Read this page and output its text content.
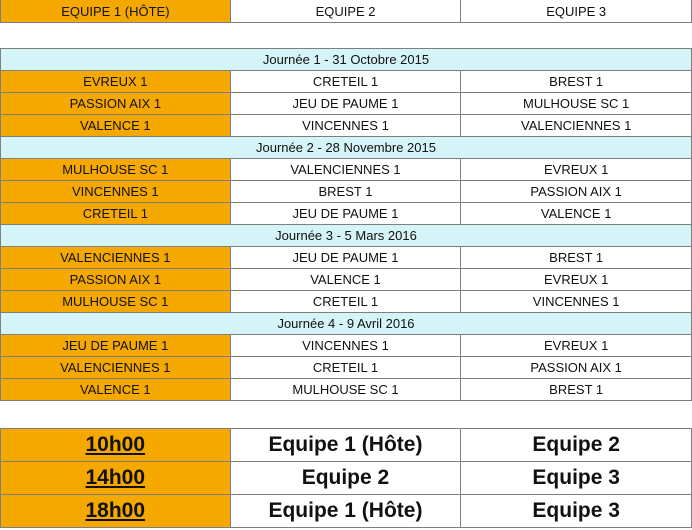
EQUIPE 1 (HÔTE)	EQUIPE 2	EQUIPE 3
Journée 1 - 31 Octobre 2015		
EVREUX 1	CRETEIL 1	BREST 1
PASSION AIX 1	JEU DE PAUME 1	MULHOUSE SC 1
VALENCE 1	VINCENNES 1	VALENCIENNES 1
Journée 2 - 28 Novembre 2015		
MULHOUSE SC 1	VALENCIENNES 1	EVREUX 1
VINCENNES 1	BREST 1	PASSION AIX 1
CRETEIL 1	JEU DE PAUME 1	VALENCE 1
Journée 3 - 5 Mars 2016		
VALENCIENNES 1	JEU DE PAUME 1	BREST 1
PASSION AIX 1	VALENCE 1	EVREUX 1
MULHOUSE SC 1	CRETEIL 1	VINCENNES 1
Journée 4 - 9 Avril 2016		
JEU DE PAUME 1	VINCENNES 1	EVREUX 1
VALENCIENNES 1	CRETEIL 1	PASSION AIX 1
VALENCE 1	MULHOUSE SC 1	BREST 1
10h00	Equipe 1 (Hôte)	Equipe 2
14h00	Equipe 2	Equipe 3
18h00	Equipe 1 (Hôte)	Equipe 3
